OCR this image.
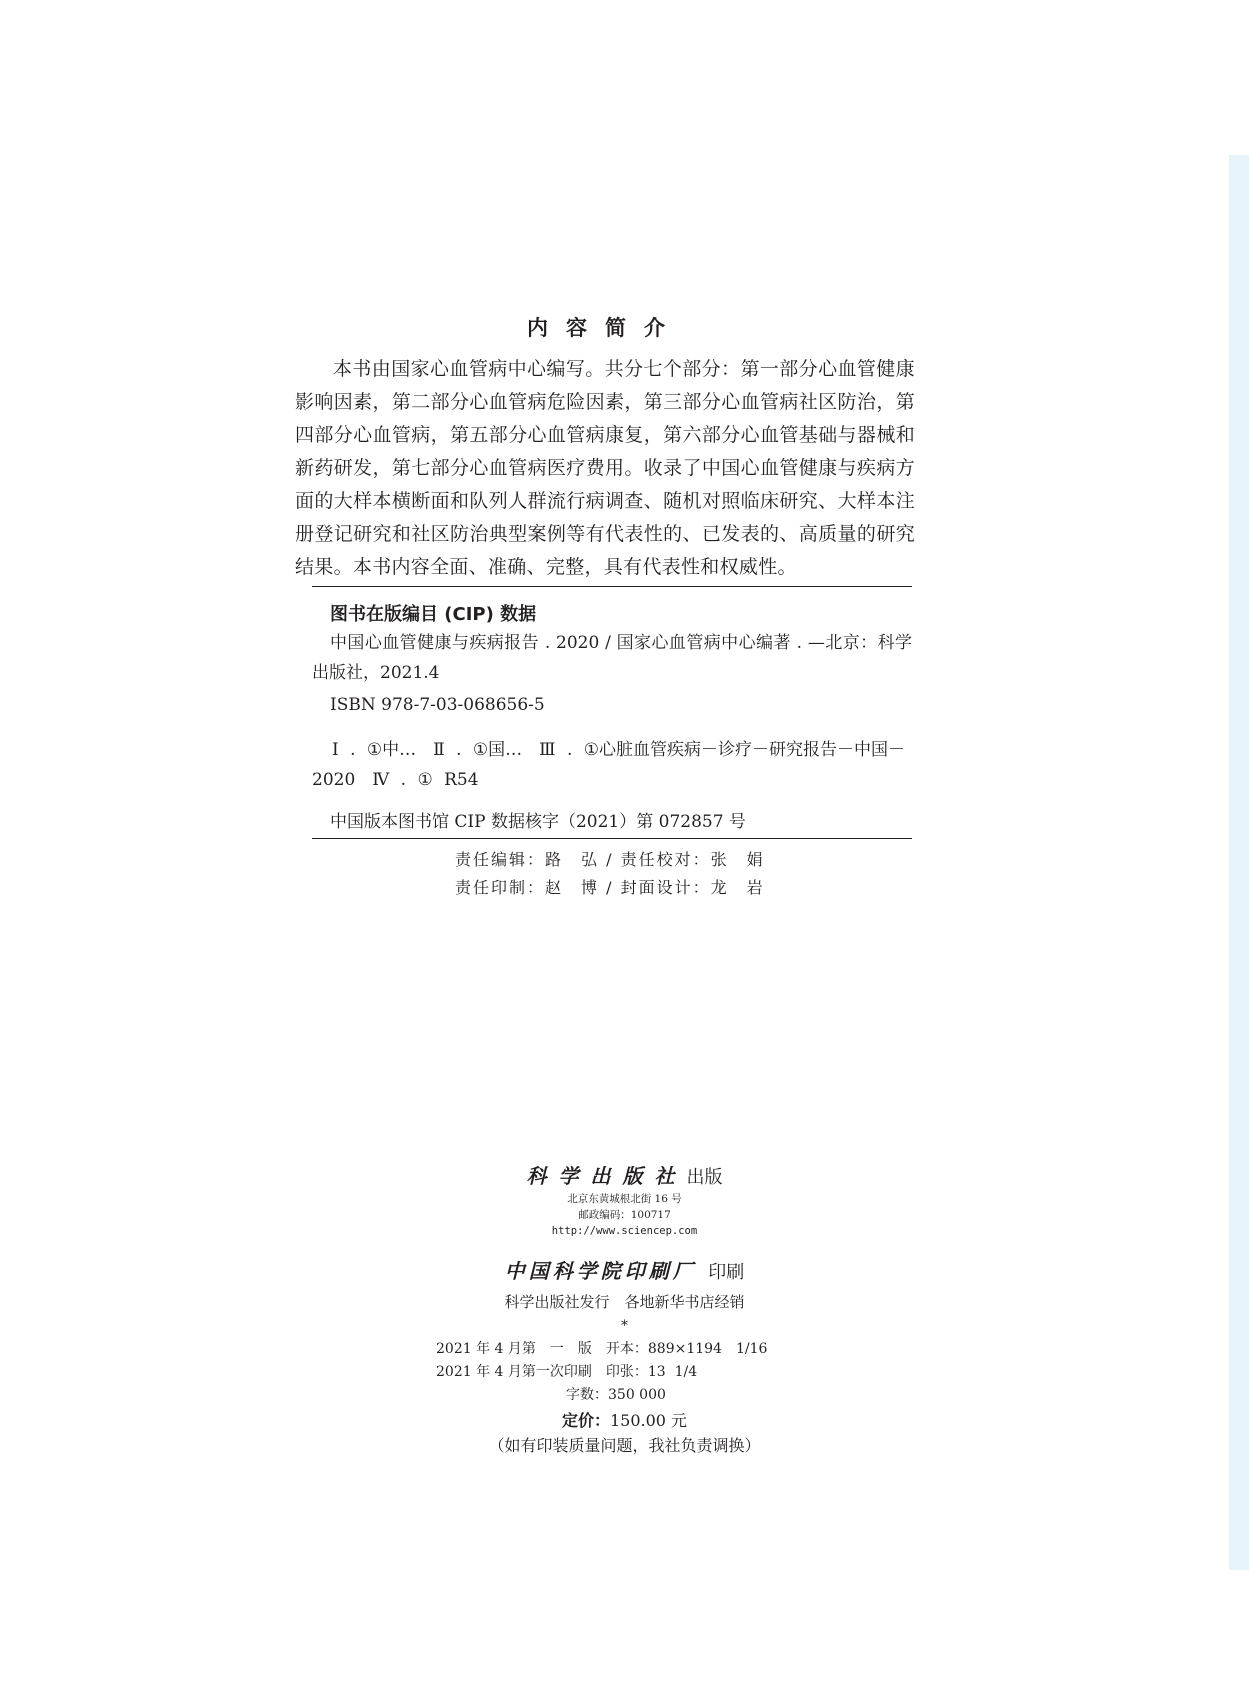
内容简介
本书由国家心血管病中心编写。共分七个部分：第一部分心血管健康影响因素，第二部分心血管病危险因素，第三部分心血管病社区防治，第四部分心血管病，第五部分心血管病康复，第六部分心血管基础与器械和新药研发，第七部分心血管病医疗费用。收录了中国心血管健康与疾病方面的大样本横断面和队列人群流行病调查、随机对照临床研究、大样本注册登记研究和社区防治典型案例等有代表性的、已发表的、高质量的研究结果。本书内容全面、准确、完整，具有代表性和权威性。
图书在版编目 (CIP) 数据
中国心血管健康与疾病报告 . 2020 / 国家心血管病中心编著 . —北京：科学出版社，2021.4
ISBN 978-7-03-068656-5
Ⅰ . ①中…　Ⅱ . ①国…　Ⅲ . ①心脏血管疾病－诊疗－研究报告－中国－2020　Ⅳ . ① R54
中国版本图书馆 CIP 数据核字（2021）第 072857 号
责任编辑：路　弘 / 责任校对：张　娟
责任印制：赵　博 / 封面设计：龙　岩
科学出版社出版
北京东黄城根北街 16 号
邮政编码：100717
http://www.sciencep.com
中国科学院印刷厂 印刷
科学出版社发行　各地新华书店经销
*
2021 年 4 月第　一　版　开本：889×1194　1/16
2021 年 4 月第一次印刷　印张：13  1/4
字数：350 000
定价：150.00 元
（如有印装质量问题，我社负责调换）
